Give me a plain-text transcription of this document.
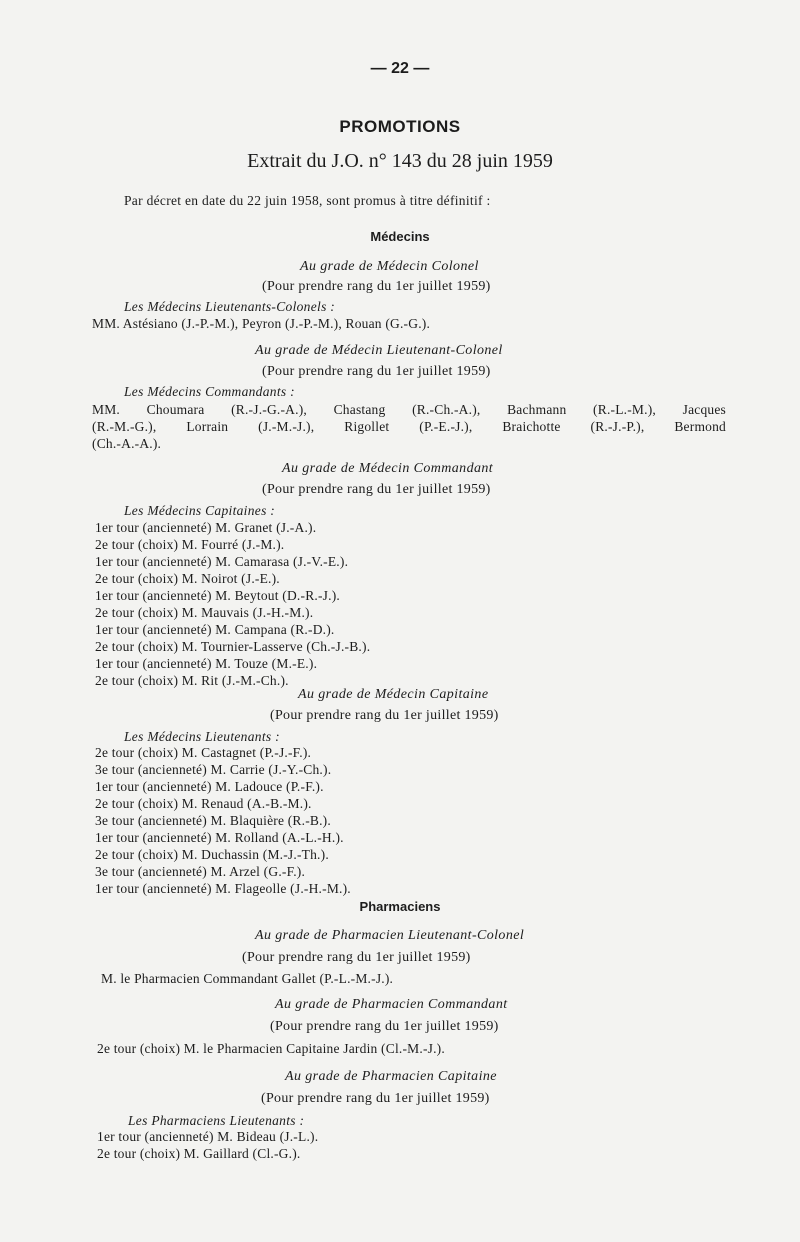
— 22 —
PROMOTIONS
Extrait du J.O. n° 143 du 28 juin 1959
Par décret en date du 22 juin 1958, sont promus à titre définitif :
Médecins
Au grade de Médecin Colonel
(Pour prendre rang du 1er juillet 1959)
Les Médecins Lieutenants-Colonels :
MM. Astésiano (J.-P.-M.), Peyron (J.-P.-M.), Rouan (G.-G.).
Au grade de Médecin Lieutenant-Colonel
(Pour prendre rang du 1er juillet 1959)
Les Médecins Commandants :
MM. Choumara (R.-J.-G.-A.), Chastang (R.-Ch.-A.), Bachmann (R.-L.-M.), Jacques
(R.-M.-G.), Lorrain (J.-M.-J.), Rigollet (P.-E.-J.), Braichotte (R.-J.-P.), Bermond
(Ch.-A.-A.).
Au grade de Médecin Commandant
(Pour prendre rang du 1er juillet 1959)
Les Médecins Capitaines :
1er tour (ancienneté) M. Granet (J.-A.).
2e tour (choix) M. Fourré (J.-M.).
1er tour (ancienneté) M. Camarasa (J.-V.-E.).
2e tour (choix) M. Noirot (J.-E.).
1er tour (ancienneté) M. Beytout (D.-R.-J.).
2e tour (choix) M. Mauvais (J.-H.-M.).
1er tour (ancienneté) M. Campana (R.-D.).
2e tour (choix) M. Tournier-Lasserve (Ch.-J.-B.).
1er tour (ancienneté) M. Touze (M.-E.).
2e tour (choix) M. Rit (J.-M.-Ch.).
Au grade de Médecin Capitaine
(Pour prendre rang du 1er juillet 1959)
Les Médecins Lieutenants :
2e tour (choix) M. Castagnet (P.-J.-F.).
3e tour (ancienneté) M. Carrie (J.-Y.-Ch.).
1er tour (ancienneté) M. Ladouce (P.-F.).
2e tour (choix) M. Renaud (A.-B.-M.).
3e tour (ancienneté) M. Blaquière (R.-B.).
1er tour (ancienneté) M. Rolland (A.-L.-H.).
2e tour (choix) M. Duchassin (M.-J.-Th.).
3e tour (ancienneté) M. Arzel (G.-F.).
1er tour (ancienneté) M. Flageolle (J.-H.-M.).
Pharmaciens
Au grade de Pharmacien Lieutenant-Colonel
(Pour prendre rang du 1er juillet 1959)
M. le Pharmacien Commandant Gallet (P.-L.-M.-J.).
Au grade de Pharmacien Commandant
(Pour prendre rang du 1er juillet 1959)
2e tour (choix) M. le Pharmacien Capitaine Jardin (Cl.-M.-J.).
Au grade de Pharmacien Capitaine
(Pour prendre rang du 1er juillet 1959)
Les Pharmaciens Lieutenants :
1er tour (ancienneté) M. Bideau (J.-L.).
2e tour (choix) M. Gaillard (Cl.-G.).
